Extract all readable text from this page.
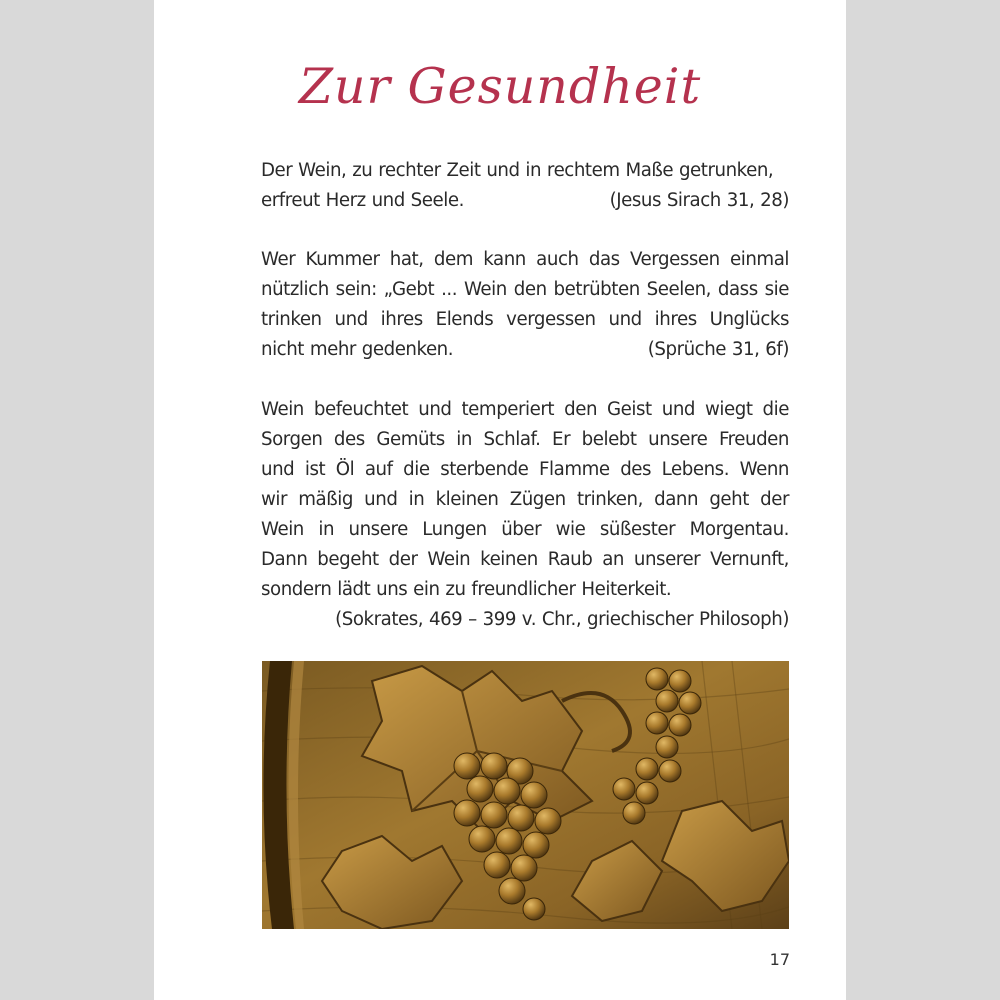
Zur Gesundheit
Der Wein, zu rechter Zeit und in rechtem Maße getrunken,
erfreut Herz und Seele.	(Jesus Sirach 31, 28)
Wer Kummer hat, dem kann auch das Vergessen einmal
nützlich sein: „Gebt ... Wein den betrübten Seelen, dass sie
trinken und ihres Elends vergessen und ihres Unglücks
nicht mehr gedenken.	(Sprüche 31, 6f)
Wein befeuchtet und temperiert den Geist und wiegt die
Sorgen des Gemüts in Schlaf. Er belebt unsere Freuden
und ist Öl auf die sterbende Flamme des Lebens. Wenn
wir mäßig und in kleinen Zügen trinken, dann geht der
Wein in unsere Lungen über wie süßester Morgentau.
Dann begeht der Wein keinen Raub an unserer Vernunft,
sondern lädt uns ein zu freundlicher Heiterkeit.
(Sokrates, 469 – 399 v. Chr., griechischer Philosoph)
17
